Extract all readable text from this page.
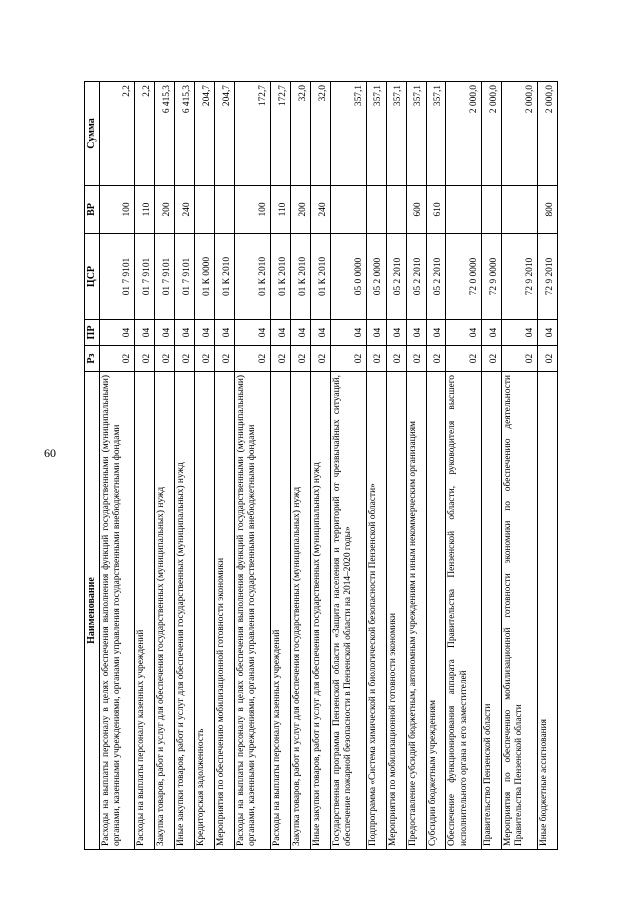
60
Наименование	Рз	ПР	ЦСР	ВР	Сумма
Расходы на выплаты персоналу в целях обеспечения выполнения функций государственными (муниципальными) органами, казенными учреждениями, органами управления государственными внебюджетными фондами	02	04	01 7 9101	100	2,2
Расходы на выплаты персоналу казенных учреждений	02	04	01 7 9101	110	2,2
Закупка товаров, работ и услуг для обеспечения государственных (муниципальных) нужд	02	04	01 7 9101	200	6 415,3
Иные закупки товаров, работ и услуг для обеспечения государственных (муниципальных) нужд	02	04	01 7 9101	240	6 415,3
Кредиторская задолженность	02	04	01 К 0000		204,7
Мероприятия по обеспечению мобилизационной готовности экономики	02	04	01 К 2010		204,7
Расходы на выплаты персоналу в целях обеспечения выполнения функций государственными (муниципальными) органами, казенными учреждениями, органами управления государственными внебюджетными фондами	02	04	01 К 2010	100	172,7
Расходы на выплаты персоналу казенных учреждений	02	04	01 К 2010	110	172,7
Закупка товаров, работ и услуг для обеспечения государственных (муниципальных) нужд	02	04	01 К 2010	200	32,0
Иные закупки товаров, работ и услуг для обеспечения государственных (муниципальных) нужд	02	04	01 К 2010	240	32,0
Государственная программа Пензенской области «Защита населения и территорий от чрезвычайных ситуаций, обеспечение пожарной безопасности в Пензенской области на 2014–2020 годы»	02	04	05 0 0000		357,1
Подпрограмма «Система химической и биологической безопасности Пензенской области»	02	04	05 2 0000		357,1
Мероприятия по мобилизационной готовности экономики	02	04	05 2 2010		357,1
Предоставление субсидий бюджетным, автономным учреждениям и иным некоммерческим организациям	02	04	05 2 2010	600	357,1
Субсидии бюджетным учреждениям	02	04	05 2 2010	610	357,1
Обеспечение функционирования аппарата Правительства Пензенской области, руководителя высшего исполнительного органа и его заместителей	02	04	72 0 0000		2 000,0
Правительство Пензенской области	02	04	72 9 0000		2 000,0
Мероприятия по обеспечению мобилизационной готовности экономики по обеспечению деятельности Правительства Пензенской области	02	04	72 9 2010		2 000,0
Иные бюджетные ассигнования	02	04	72 9 2010	800	2 000,0
